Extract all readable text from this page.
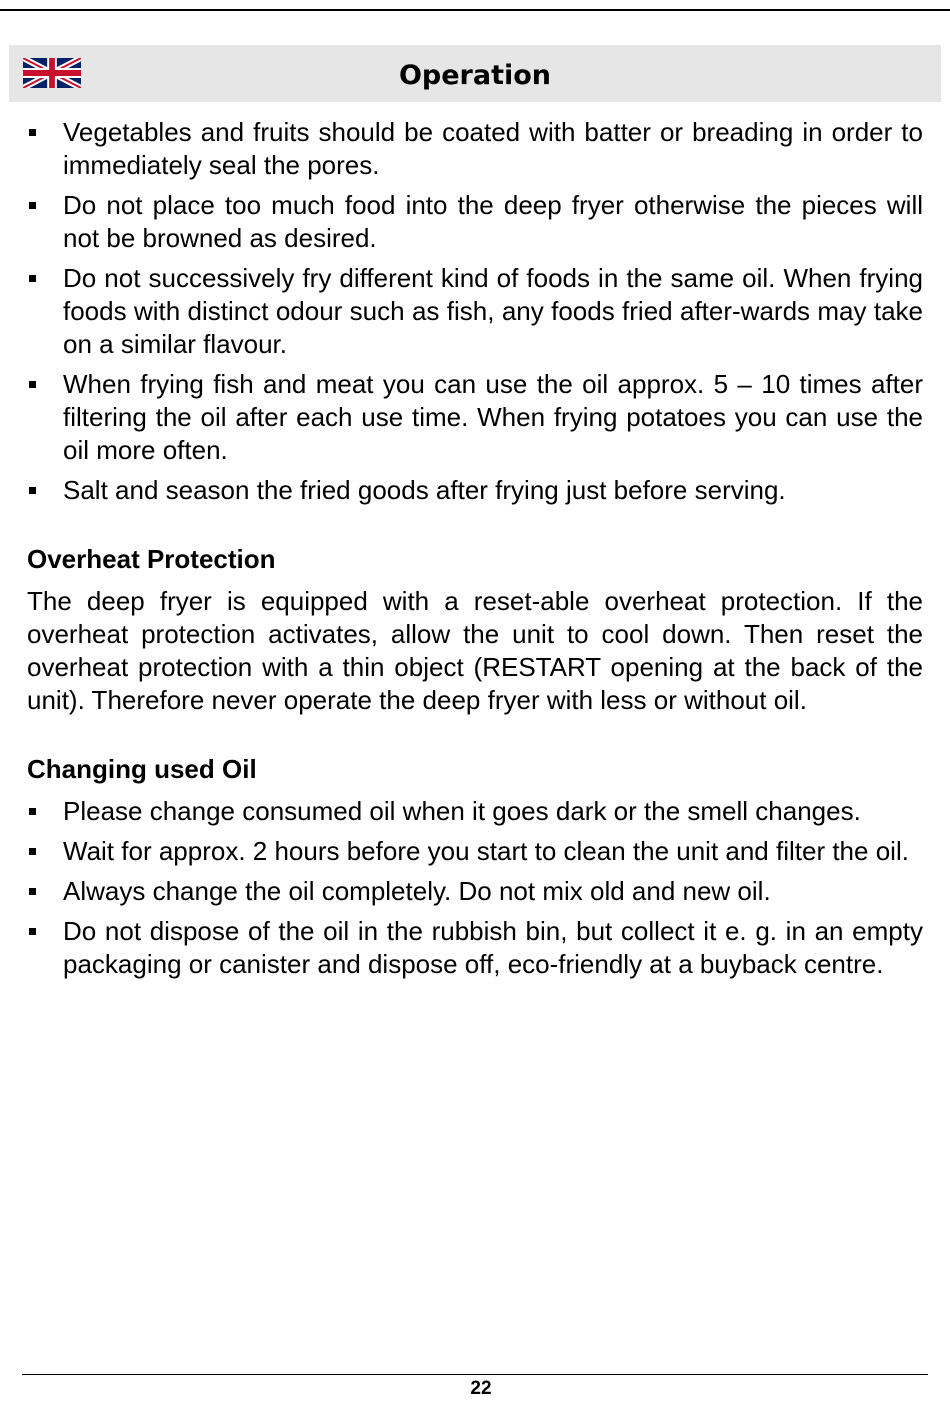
Operation
Vegetables and fruits should be coated with batter or breading in order to immediately seal the pores.
Do not place too much food into the deep fryer otherwise the pieces will not be browned as desired.
Do not successively fry different kind of foods in the same oil. When frying foods with distinct odour such as fish, any foods fried after-wards may take on a similar flavour.
When frying fish and meat you can use the oil approx. 5 – 10 times after filtering the oil after each use time. When frying potatoes you can use the oil more often.
Salt and season the fried goods after frying just before serving.
Overheat Protection

The deep fryer is equipped with a reset-able overheat protection. If the overheat protection activates, allow the unit to cool down. Then reset the overheat protection with a thin object (RESTART opening at the back of the unit). Therefore never operate the deep fryer with less or without oil.

Changing used Oil
Please change consumed oil when it goes dark or the smell changes.
Wait for approx. 2 hours before you start to clean the unit and filter the oil.
Always change the oil completely. Do not mix old and new oil.
Do not dispose of the oil in the rubbish bin, but collect it e. g. in an empty packaging or canister and dispose off, eco-friendly at a buyback centre.
22
